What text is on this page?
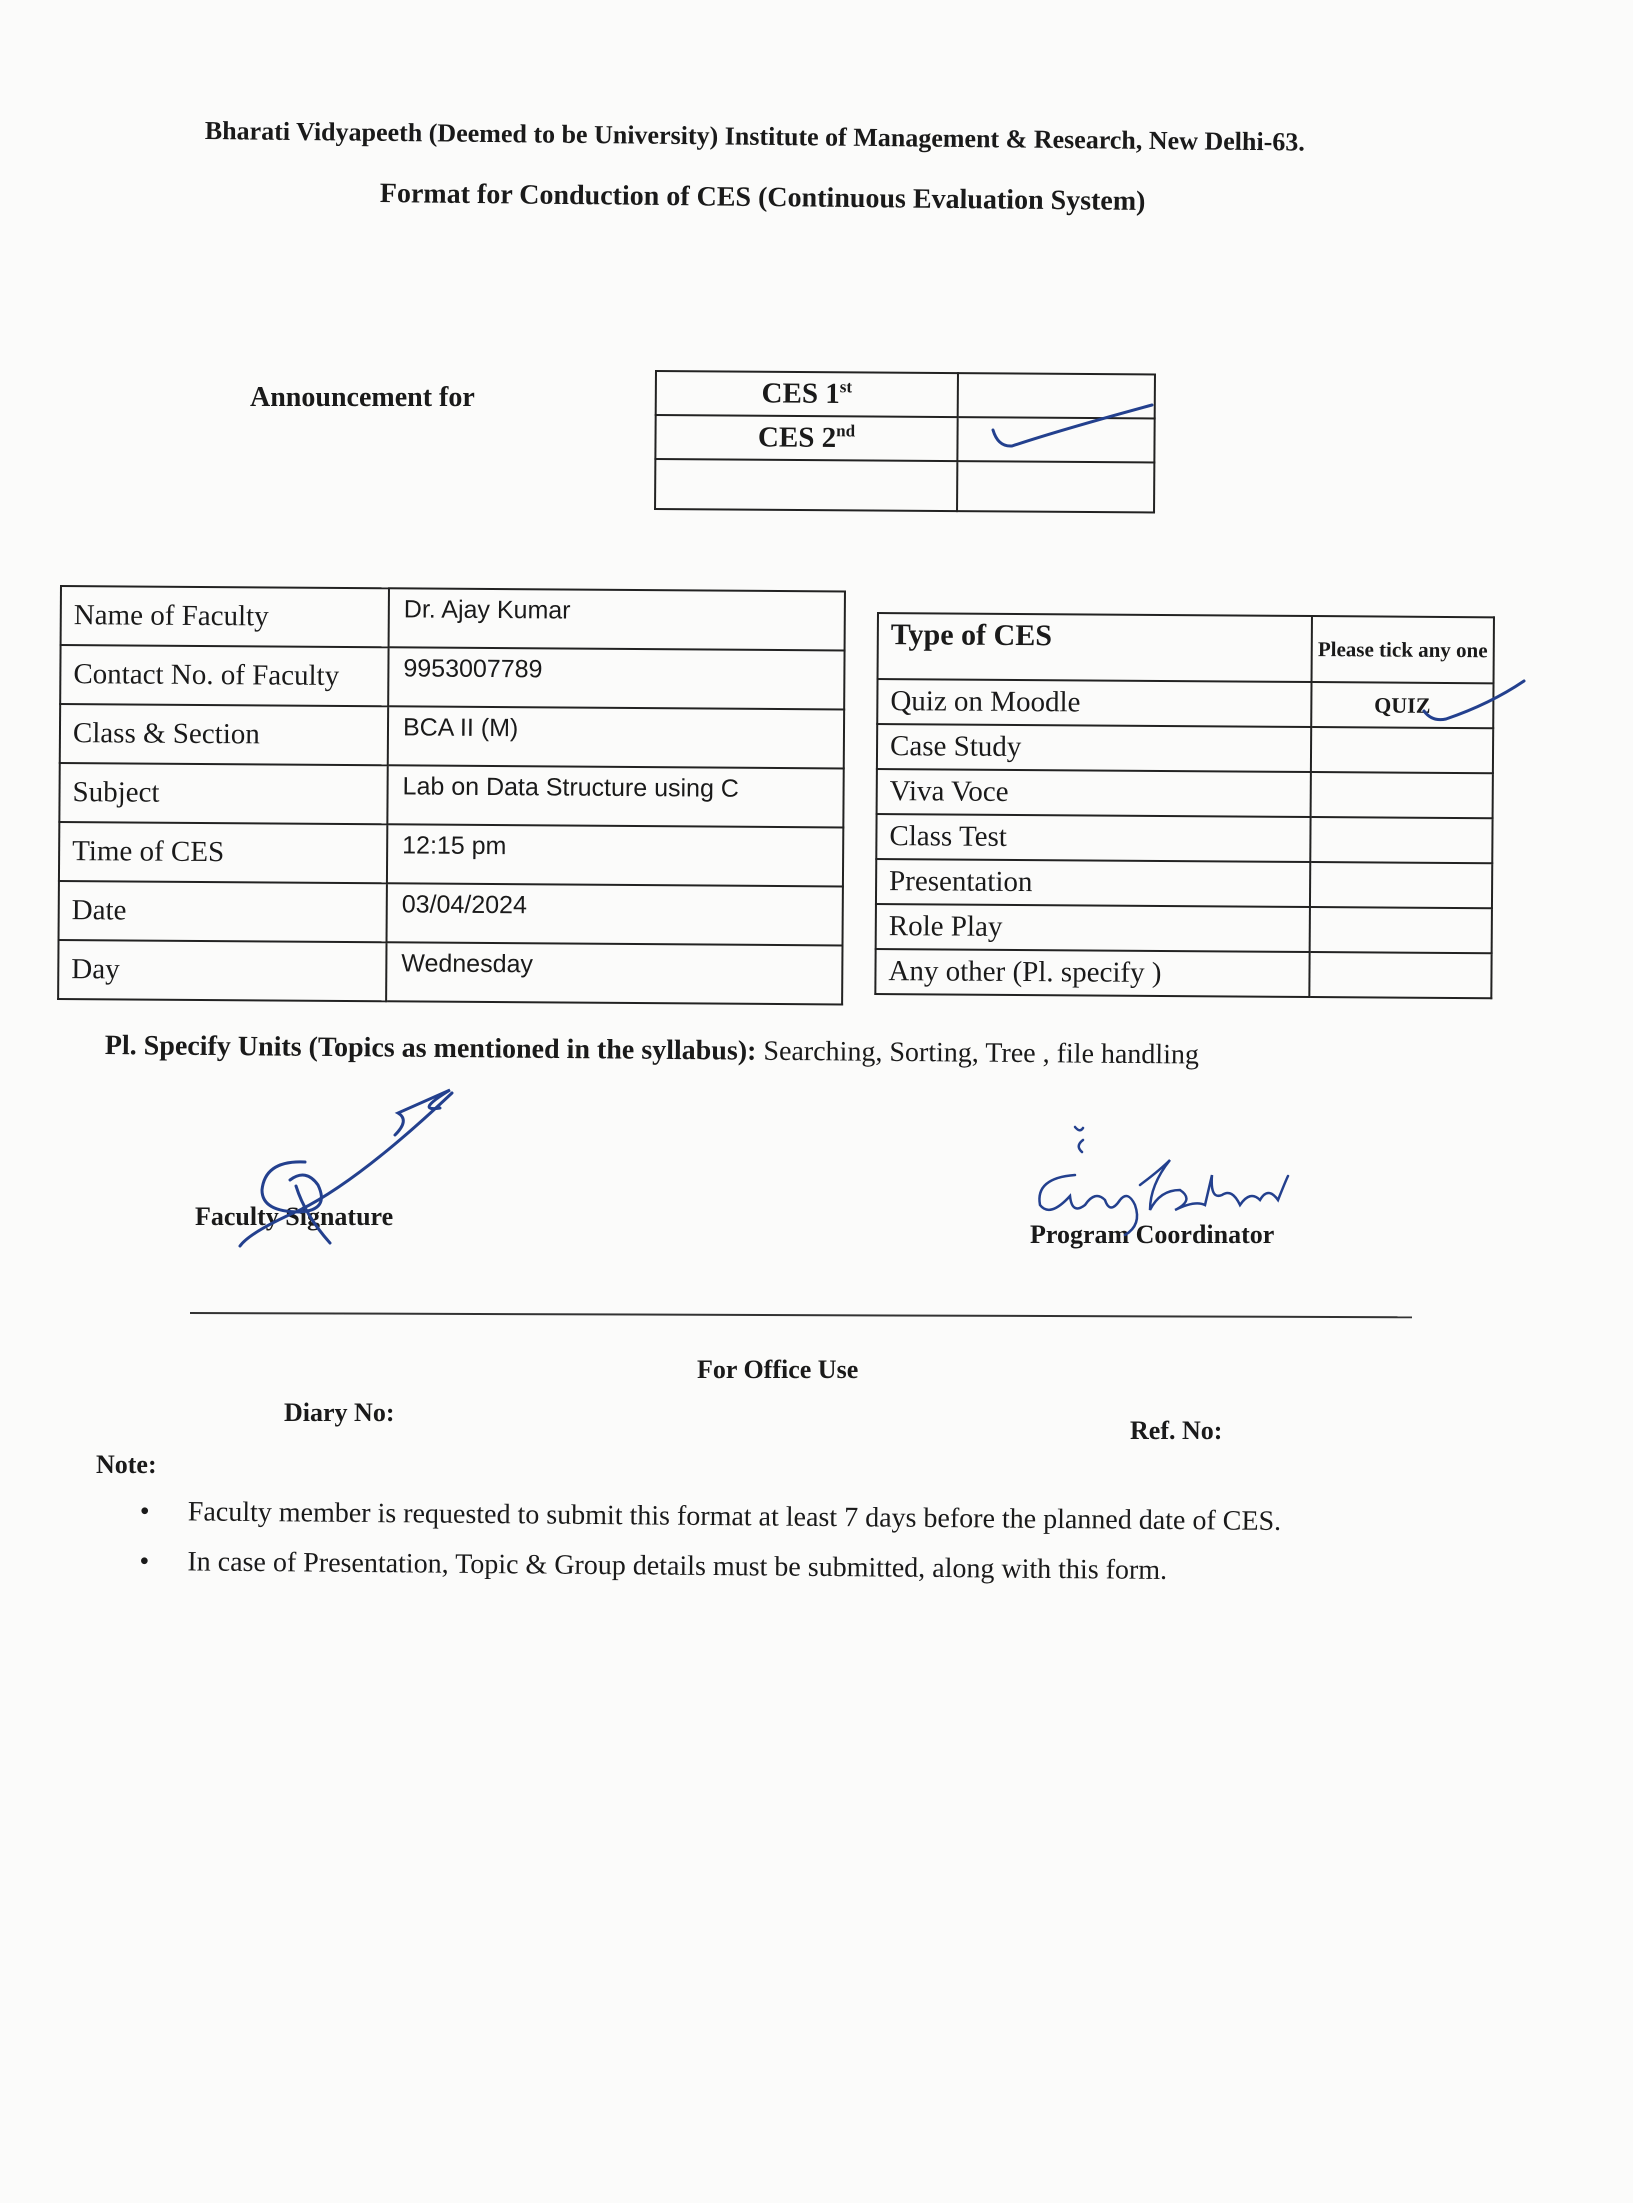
Bharati Vidyapeeth (Deemed to be University) Institute of Management & Research, New Delhi-63.
Format for Conduction of CES (Continuous Evaluation System)
Announcement for	CES 1st	
CES 2nd	

Name of Faculty	Dr. Ajay Kumar
Contact No. of Faculty	9953007789
Class & Section	BCA II (M)
Subject	Lab on Data Structure using C
Time of CES	12:15 pm
Date	03/04/2024
Day	Wednesday
Type of CES	Please tick any one
Quiz on Moodle	QUIZ
Case Study	
Viva Voce	
Class Test	
Presentation	
Role Play	
Any other (Pl. specify )	
Pl. Specify Units (Topics as mentioned in the syllabus): Searching, Sorting, Tree , file handling
Faculty Signature
Program Coordinator
For Office Use
Diary No:
Ref. No:
Note:
• Faculty member is requested to submit this format at least 7 days before the planned date of CES.
• In case of Presentation, Topic & Group details must be submitted, along with this form.
